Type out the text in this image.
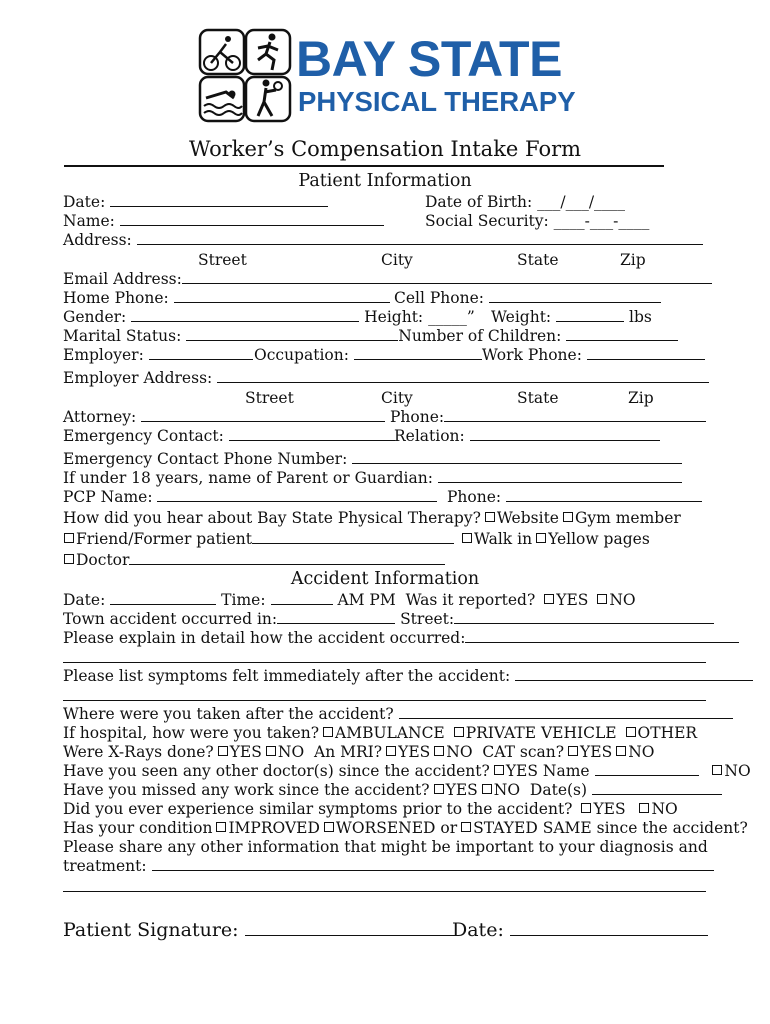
BAY STATE
PHYSICAL THERAPY
Worker’s Compensation Intake Form
Patient Information
Date:	Date of Birth: ___/___/____
Name:	Social Security: ____-___-____
Address:
Street	City	State	Zip
Email Address:
Home Phone:	Cell Phone:
Gender:	Height: _____” Weight:	lbs
Marital Status:	Number of Children:
Employer:	Occupation:	Work Phone:
Employer Address:
Street	City	State	Zip
Attorney:	Phone:
Emergency Contact:	Relation:
Emergency Contact Phone Number:
If under 18 years, name of Parent or Guardian:
PCP Name:	Phone:
How did you hear about Bay State Physical Therapy? Website Gym member
Friend/Former patient	Walk in Yellow pages
Doctor
Accident Information
Date:	Time:	AM PM Was it reported? YES NO
Town accident occurred in:	Street:
Please explain in detail how the accident occurred:
Please list symptoms felt immediately after the accident:
Where were you taken after the accident?
If hospital, how were you taken? AMBULANCE PRIVATE VEHICLE OTHER
Were X-Rays done? YES NO An MRI? YES NO CAT scan? YES NO
Have you seen any other doctor(s) since the accident? YES Name	NO
Have you missed any work since the accident? YES NO Date(s)
Did you ever experience similar symptoms prior to the accident? YES NO
Has your condition IMPROVED WORSENED or STAYED SAME since the accident?
Please share any other information that might be important to your diagnosis and
treatment:
Patient Signature:	Date:
